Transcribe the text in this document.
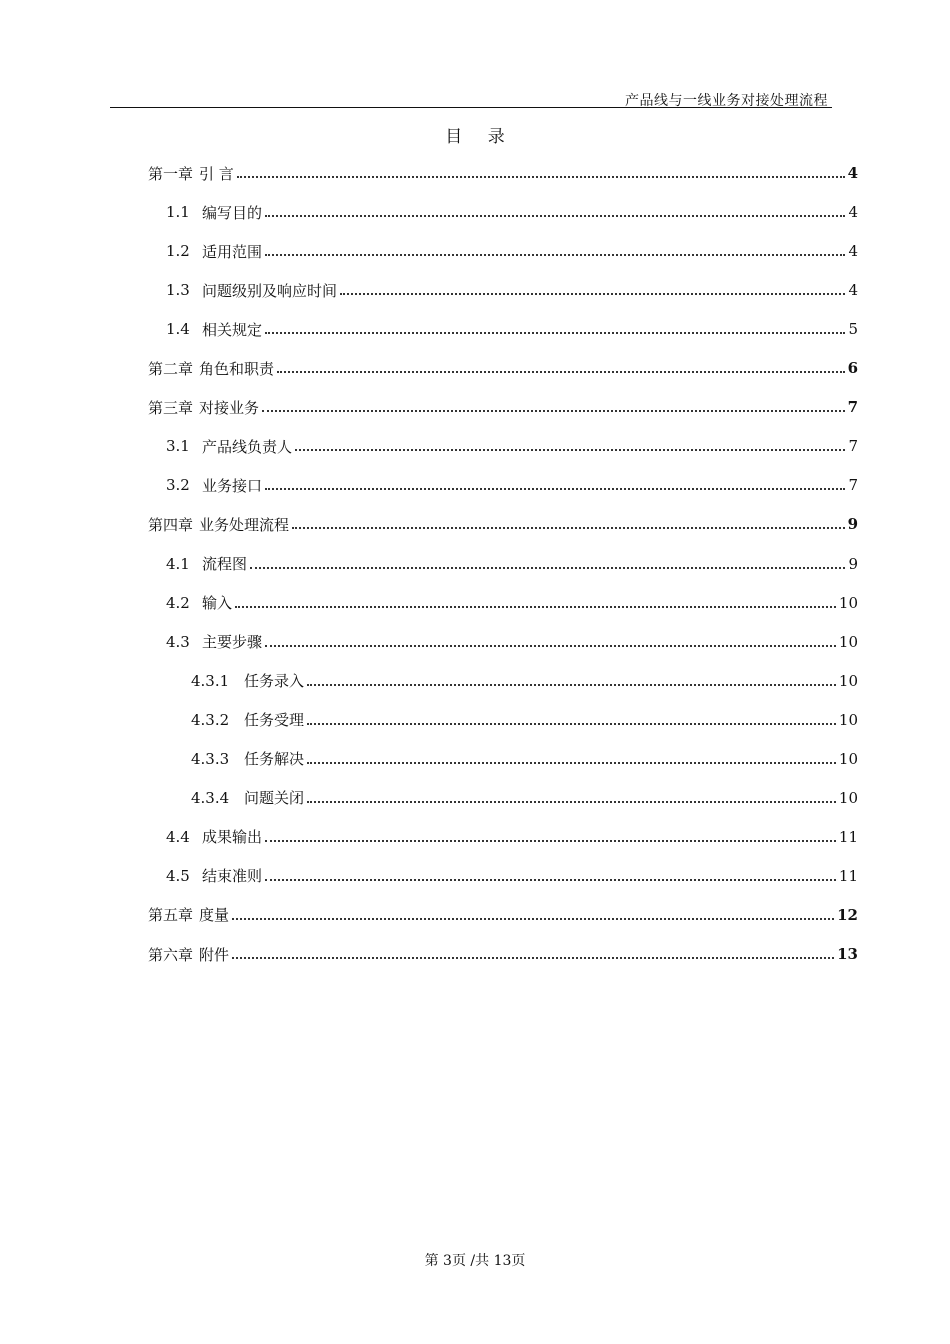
产品线与一线业务对接处理流程
目 录
第一章 引 言	4
1.1 编写目的	4
1.2 适用范围	4
1.3 问题级别及响应时间	4
1.4 相关规定	5
第二章 角色和职责	6
第三章 对接业务	7
3.1 产品线负责人	7
3.2 业务接口	7
第四章 业务处理流程	9
4.1 流程图	9
4.2 输入	10
4.3 主要步骤	10
4.3.1 任务录入	10
4.3.2 任务受理	10
4.3.3 任务解决	10
4.3.4 问题关闭	10
4.4 成果输出	11
4.5 结束准则	11
第五章 度量	12
第六章 附件	13
第 3页 /共 13页
